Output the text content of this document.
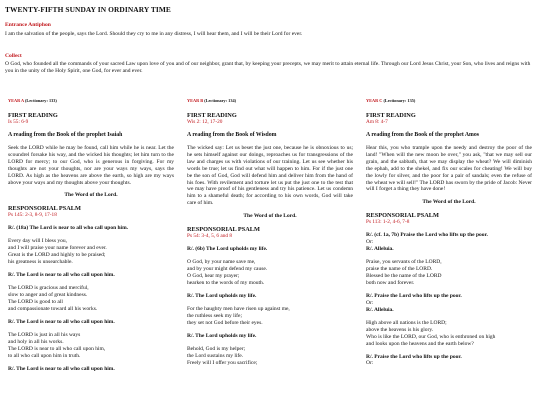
TWENTY-FIFTH SUNDAY IN ORDINARY TIME
Entrance Antiphon
I am the salvation of the people, says the Lord. Should they cry to me in any distress, I will hear them, and I will be their Lord for ever.
Collect
O God, who founded all the commands of your sacred Law upon love of you and of our neighbor, grant that, by keeping your precepts, we may merit to attain eternal life. Through our Lord Jesus Christ, your Son, who lives and reigns with you in the unity of the Holy Spirit, one God, for ever and ever.
YEAR A (Lectionary: 133)

FIRST READING

Is 55: 6-9

A reading from the Book of the prophet Isaiah

Seek the LORD while he may be found, call him while he is near. Let the scoundrel forsake his way, and the wicked his thoughts; let him turn to the LORD for mercy; to our God, who is generous in forgiving. For my thoughts are not your thoughts, nor are your ways my ways, says the LORD. As high as the heavens are above the earth, so high are my ways above your ways and my thoughts above your thoughts.

The Word of the Lord.

RESPONSORIAL PSALM

Ps 145: 2-3, 8-9, 17-18

R/. (18a) The Lord is near to all who call upon him.

Every day will I bless you,
and I will praise your name forever and ever.
Great is the LORD and highly to be praised;
his greatness is unsearchable.

R/. The Lord is near to all who call upon him.

The LORD is gracious and merciful,
slow to anger and of great kindness.
The LORD is good to all
and compassionate toward all his works.

R/. The Lord is near to all who call upon him.

The LORD is just in all his ways
and holy in all his works.
The LORD is near to all who call upon him,
to all who call upon him in truth.

R/. The Lord is near to all who call upon him.

YEAR B (Lectionary: 134)

FIRST READING

Wis 2: 12, 17-20

A reading from the Book of Wisdom

The wicked say: Let us beset the just one, because he is obnoxious to us; he sets himself against our doings, reproaches us for transgressions of the law and charges us with violations of our training. Let us see whether his words be true; let us find out what will happen to him. For if the just one be the son of God, God will defend him and deliver him from the hand of his foes. With revilement and torture let us put the just one to the test that we may have proof of his gentleness and try his patience. Let us condemn him to a shameful death; for according to his own words, God will take care of him.

The Word of the Lord.

RESPONSORIAL PSALM

Ps 54: 3-4, 5, 6 and 8

R/. (6b) The Lord upholds my life.

O God, by your name save me,
and by your might defend my cause.
O God, hear my prayer;
hearken to the words of my mouth.

R/. The Lord upholds my life.

For the haughty men have risen up against me,
the ruthless seek my life;
they set not God before their eyes.

R/. The Lord upholds my life.

Behold, God is my helper;
the Lord sustains my life.
Freely will I offer you sacrifice;

YEAR C (Lectionary: 135)

FIRST READING

Am 8: 4-7

A reading from the Book of the prophet Amos

Hear this, you who trample upon the needy and destroy the poor of the land! "When will the new moon be over," you ask, "that we may sell our grain, and the sabbath, that we may display the wheat? We will diminish the ephah, add to the shekel, and fix our scales for cheating! We will buy the lowly for silver, and the poor for a pair of sandals; even the refuse of the wheat we will sell!" The LORD has sworn by the pride of Jacob: Never will I forget a thing they have done!

The Word of the Lord.

RESPONSORIAL PSALM

Ps 113: 1-2, 4-6, 7-8

R/. (cf. 1a, 7b) Praise the Lord who lifts up the poor.

Or:

R/. Alleluia.

Praise, you servants of the LORD,
praise the name of the LORD.
Blessed be the name of the LORD
both now and forever.

R/. Praise the Lord who lifts up the poor.

Or:

R/. Alleluia.

High above all nations is the LORD;
above the heavens is his glory.
Who is like the LORD, our God, who is enthroned on high
and looks upon the heavens and the earth below?

R/. Praise the Lord who lifts up the poor.

Or:
